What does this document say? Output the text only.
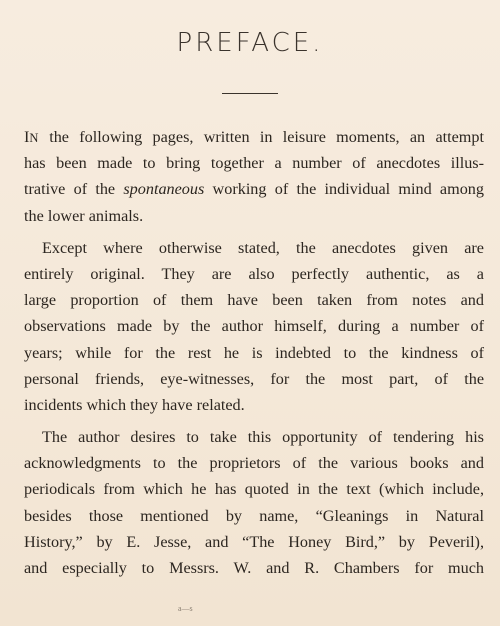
PREFACE.
IN the following pages, written in leisure moments, an attempt
has been made to bring together a number of anecdotes illus-
trative of the spontaneous working of the individual mind among
the lower animals.
Except where otherwise stated, the anecdotes given are
entirely original. They are also perfectly authentic, as a
large proportion of them have been taken from notes and
observations made by the author himself, during a number of
years; while for the rest he is indebted to the kindness of
personal friends, eye-witnesses, for the most part, of the
incidents which they have related.
The author desires to take this opportunity of tendering his
acknowledgments to the proprietors of the various books and
periodicals from which he has quoted in the text (which include,
besides those mentioned by name, “Gleanings in Natural
History,” by E. Jesse, and “The Honey Bird,” by Peveril),
and especially to Messrs. W. and R. Chambers for much
a—s
